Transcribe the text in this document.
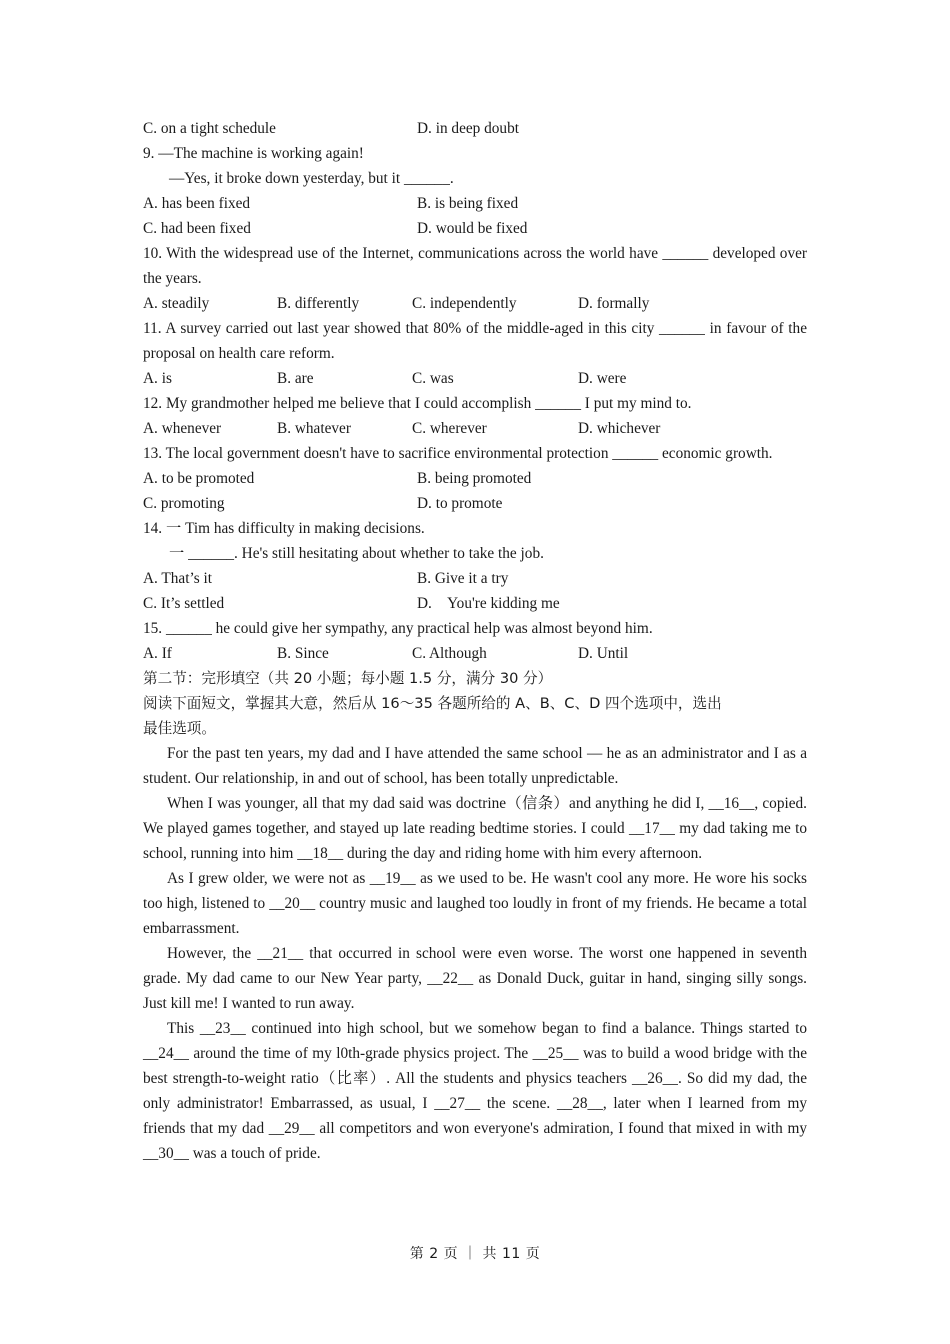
C. on a tight schedule	D. in deep doubt
9. —The machine is working again!
—Yes, it broke down yesterday, but it ______.
A. has been fixed	B. is being fixed
C. had been fixed	D. would be fixed

10. With the widespread use of the Internet, communications across the world have ______ developed over the years.

A. steadily	B. differently	C. independently	D. formally

11. A survey carried out last year showed that 80% of the middle-aged in this city ______ in favour of the proposal on health care reform.

A. is	B. are	C. was	D. were

12. My grandmother helped me believe that I could accomplish ______ I put my mind to.

A. whenever	B. whatever	C. wherever	D. whichever

13. The local government doesn't have to sacrifice environmental protection ______ economic growth.

A. to be promoted	B. being promoted
C. promoting	D. to promote
14. 一 Tim has difficulty in making decisions.
一 ______. He's still hesitating about whether to take the job.
A. That’s it	B. Give it a try
C. It’s settled	D. You're kidding me
15. ______ he could give her sympathy, any practical help was almost beyond him.
A. If	B. Since	C. Although	D. Until
第二节：完形填空（共 20 小题；每小题 1.5 分，满分 30 分）
阅读下面短文，掌握其大意，然后从 16〜35 各题所给的 A、B、C、D 四个选项中，选出
最佳选项。

For the past ten years, my dad and I have attended the same school — he as an administrator and I as a student. Our relationship, in and out of school, has been totally unpredictable.

When I was younger, all that my dad said was doctrine（信条）and anything he did I, __16__, copied. We played games together, and stayed up late reading bedtime stories. I could __17__ my dad taking me to school, running into him __18__ during the day and riding home with him every afternoon.

As I grew older, we were not as __19__ as we used to be. He wasn't cool any more. He wore his socks too high, listened to __20__ country music and laughed too loudly in front of my friends. He became a total embarrassment.

However, the __21__ that occurred in school were even worse. The worst one happened in seventh grade. My dad came to our New Year party, __22__ as Donald Duck, guitar in hand, singing silly songs. Just kill me! I wanted to run away.

This __23__ continued into high school, but we somehow began to find a balance. Things started to __24__ around the time of my l0th-grade physics project. The __25__ was to build a wood bridge with the best strength-to-weight ratio（比率）. All the students and physics teachers __26__. So did my dad, the only administrator! Embarrassed, as usual, I __27__ the scene. __28__, later when I learned from my friends that my dad __29__ all competitors and won everyone's admiration, I found that mixed in with my __30__ was a touch of pride.

第 2 页 ｜ 共 11 页
